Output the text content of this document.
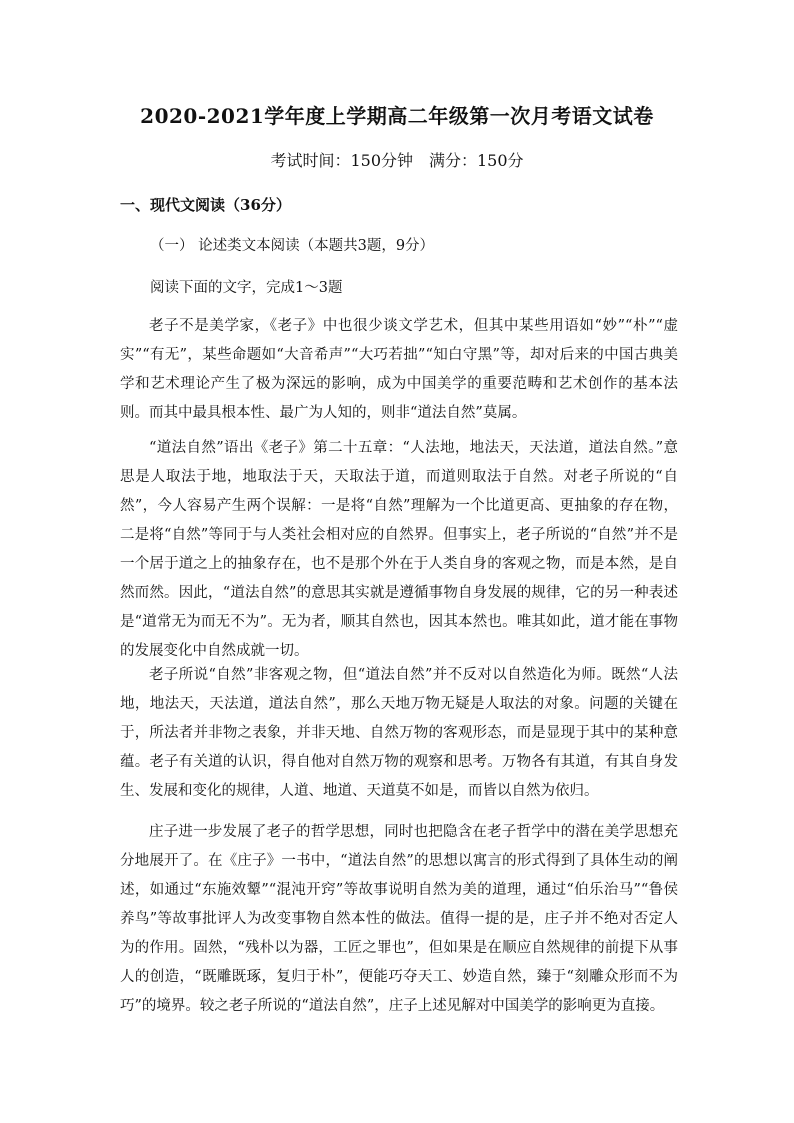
2020-2021学年度上学期高二年级第一次月考语文试卷
考试时间：150分钟　满分：150分
一、现代文阅读（36分）
（一） 论述类文本阅读（本题共3题，9分）
阅读下面的文字，完成1～3题

老子不是美学家，《老子》中也很少谈文学艺术，但其中某些用语如“妙”“朴”“虚实”“有无”，某些命题如“大音希声”“大巧若拙”“知白守黑”等，却对后来的中国古典美学和艺术理论产生了极为深远的影响，成为中国美学的重要范畴和艺术创作的基本法则。而其中最具根本性、最广为人知的，则非“道法自然”莫属。

“道法自然”语出《老子》第二十五章：“人法地，地法天，天法道，道法自然。”意思是人取法于地，地取法于天，天取法于道，而道则取法于自然。对老子所说的“自然”，今人容易产生两个误解：一是将“自然”理解为一个比道更高、更抽象的存在物，二是将“自然”等同于与人类社会相对应的自然界。但事实上，老子所说的“自然”并不是一个居于道之上的抽象存在，也不是那个外在于人类自身的客观之物，而是本然，是自然而然。因此，“道法自然”的意思其实就是遵循事物自身发展的规律，它的另一种表述是“道常无为而无不为”。无为者，顺其自然也，因其本然也。唯其如此，道才能在事物的发展变化中自然成就一切。

老子所说“自然”非客观之物，但“道法自然”并不反对以自然造化为师。既然“人法地，地法天，天法道，道法自然”，那么天地万物无疑是人取法的对象。问题的关键在于，所法者并非物之表象，并非天地、自然万物的客观形态，而是显现于其中的某种意蕴。老子有关道的认识，得自他对自然万物的观察和思考。万物各有其道，有其自身发生、发展和变化的规律，人道、地道、天道莫不如是，而皆以自然为依归。

庄子进一步发展了老子的哲学思想，同时也把隐含在老子哲学中的潜在美学思想充分地展开了。在《庄子》一书中，“道法自然”的思想以寓言的形式得到了具体生动的阐述，如通过“东施效颦”“混沌开窍”等故事说明自然为美的道理，通过“伯乐治马”“鲁侯养鸟”等故事批评人为改变事物自然本性的做法。值得一提的是，庄子并不绝对否定人为的作用。固然，“残朴以为器，工匠之罪也”，但如果是在顺应自然规律的前提下从事人的创造，“既雕既琢，复归于朴”，便能巧夺天工、妙造自然，臻于“刻雕众形而不为巧”的境界。较之老子所说的“道法自然”，庄子上述见解对中国美学的影响更为直接。
